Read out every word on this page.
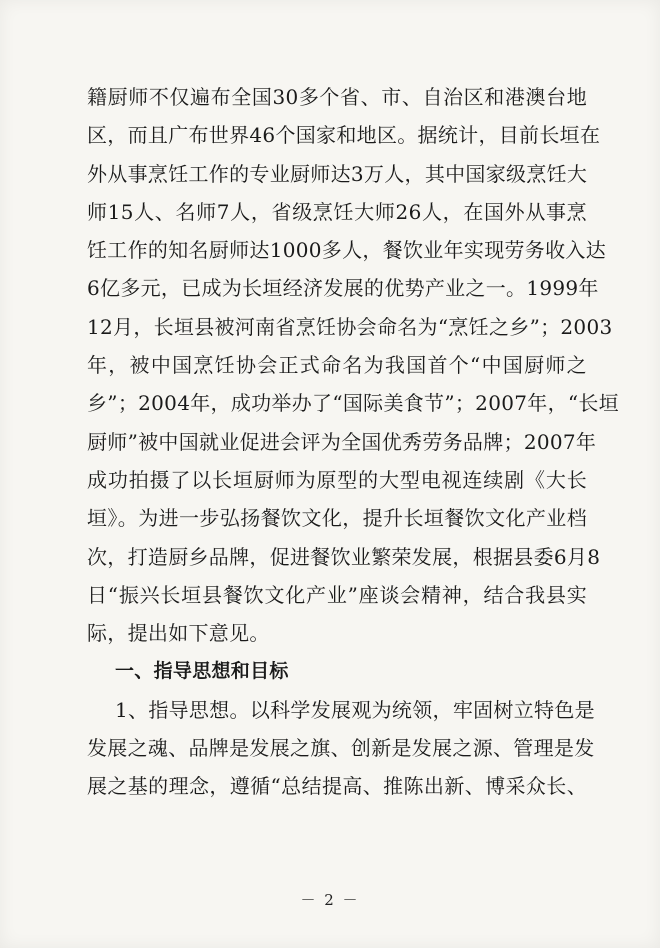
籍厨师不仅遍布全国30多个省、市、自治区和港澳台地
区，而且广布世界46个国家和地区。据统计，目前长垣在
外从事烹饪工作的专业厨师达3万人，其中国家级烹饪大
师15人、名师7人，省级烹饪大师26人，在国外从事烹
饪工作的知名厨师达1000多人，餐饮业年实现劳务收入达
6亿多元，已成为长垣经济发展的优势产业之一。1999年
12月，长垣县被河南省烹饪协会命名为“烹饪之乡”；2003
年，被中国烹饪协会正式命名为我国首个“中国厨师之
乡”；2004年，成功举办了“国际美食节”；2007年，“长垣
厨师”被中国就业促进会评为全国优秀劳务品牌；2007年
成功拍摄了以长垣厨师为原型的大型电视连续剧《大长
垣》。为进一步弘扬餐饮文化，提升长垣餐饮文化产业档
次，打造厨乡品牌，促进餐饮业繁荣发展，根据县委6月8
日“振兴长垣县餐饮文化产业”座谈会精神，结合我县实
际，提出如下意见。
一、指导思想和目标
1、指导思想。以科学发展观为统领，牢固树立特色是
发展之魂、品牌是发展之旗、创新是发展之源、管理是发
展之基的理念，遵循“总结提高、推陈出新、博采众长、
－ 2 －
